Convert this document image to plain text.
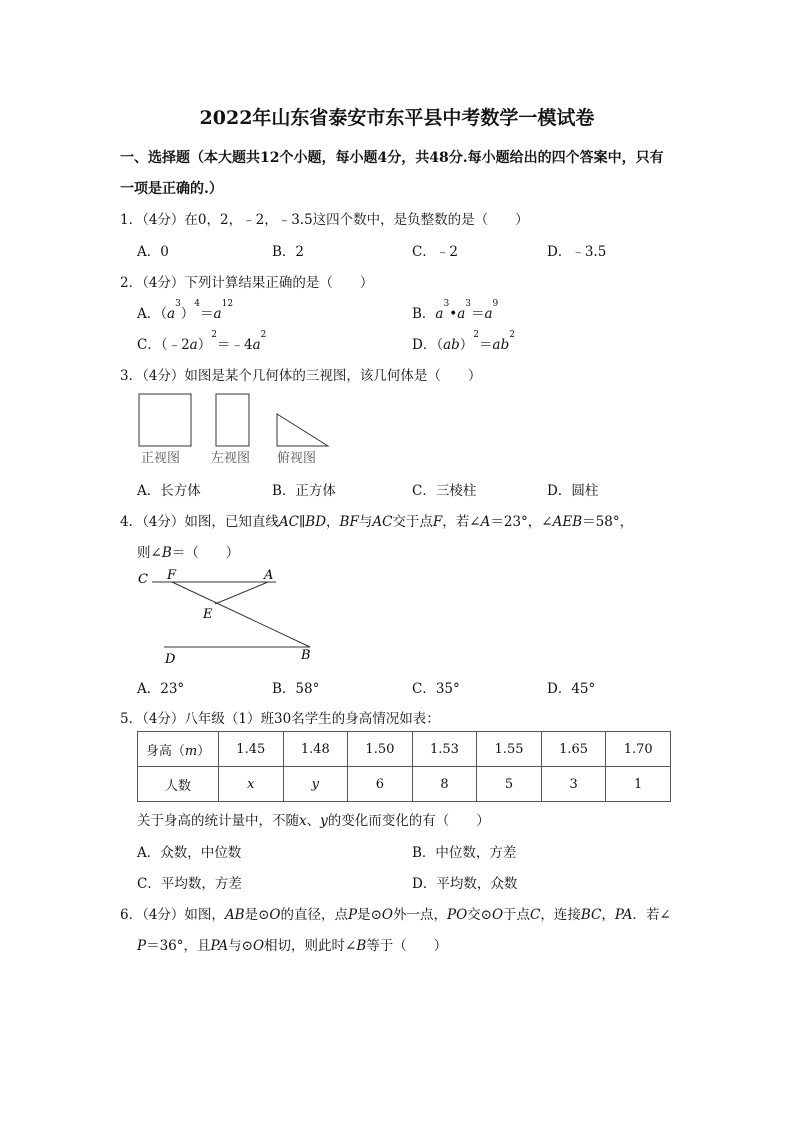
2022年山东省泰安市东平县中考数学一模试卷
一、选择题（本大题共12个小题，每小题4分，共48分.每小题给出的四个答案中，只有
一项是正确的.）
1．（4分）在0，2，﹣2，﹣3.5这四个数中，是负整数的是（　　）
A．0	B．2	C．﹣2	D．﹣3.5
2．（4分）下列计算结果正确的是（　　）
A．$(a^3)^4=a^{12}$
B．$a^3•a^3=a^9$
C．$(﹣2a)^2=﹣4a^2$
D．$(ab)^2=ab^2$
3．（4分）如图是某个几何体的三视图，该几何体是（　　）
正视图 左视图 俯视图
A．长方体	B．正方体	C．三棱柱	D．圆柱
4．（4分）如图，已知直线AC∥BD，BF与AC交于点F，若∠A＝23°，∠AEB＝58°，
则∠B＝（　　）
C F	A
E
D	B
A．23°	B．58°	C．35°	D．45°
5．（4分）八年级（1）班30名学生的身高情况如表：
身高（m）	1.45	1.48	1.50	1.53	1.55	1.65	1.70
人数	x	y	6	8	5	3	1
关于身高的统计量中，不随x、y的变化而变化的有（　　）
A．众数，中位数	B．中位数，方差
C．平均数，方差	D．平均数，众数
6．（4分）如图，AB是⊙O的直径，点P是⊙O外一点，PO交⊙O于点C，连接BC，PA．若∠
P＝36°，且PA与⊙O相切，则此时∠B等于（　　）
